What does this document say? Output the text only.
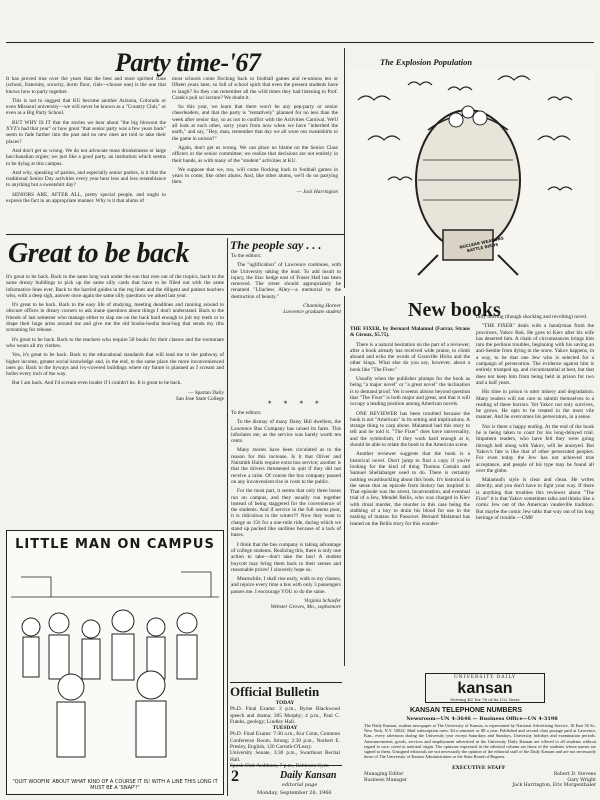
Party time-'67

It has proved true over the years that the best and most spirited class (school, fraternity, sorority, dorm floor, club—choose one) is the one that knows how to party together.

This is not to suggest that KU become another Arizona, Colorado or even Missouri university—we will never be known as a "Country Club," or even as a Big Party School.

BUT WHY IS IT that the stories we hear about "the big blowout the XYZ's had that year" or how great "that senior party was a few years back" seem to fade farther into the past and no new ones are told to take their places?

And don't get us wrong. We do not advocate mass drunkenness or large bacchanalian orgies; we just like a good party, an institution which seems to be dying at this campus.

And why, speaking of parties, and especially senior parties, is it that the traditional Senior Day activities every year bear less and less resemblance to anything but a sweatshirt day?

SENIORS ARE, AFTER ALL, pretty special people, and ought to express the fact in an appropriate manner. Why is it that alums of

most schools come flocking back to football games and re-unions ten or fifteen years later, so full of school spirit that even the present students have to laugh? So they can remember all the wild times they had listening to Prof. Crank's poli sci lecture? We doubt it.

So this year, we learn that there won't be any pep-party or senior cheerleaders, and that the party is "tentatively" planned for no less than the week after senior day, so as not to conflict with the Activities Carnival. We'll all look at each other, sorry years from now when we have "inherited the earth," and say, "Hey, man, remember that day we all wore our sweatshirts to the game in unison?"

Again, don't get us wrong. We can place no blame on the Senior Class officers or the senior committee; we realize that decisions are not entirely in their hands, as with many of the "student" activities at KU.

We suppose that we, too, will come flocking back to football games in years to come, like other alums. And, like other alums, we'll do no partying then.

— Jack Harrington
The Explosion Population
NUCLEAR WEAPONS BATTLE BIRDS
Great to be back

It's great to be back. Back to the same long wait under the sun that rose out of the tropics, back to the same dreary buildings to pick up the same silly cards that have to be filled out with the same informative lines ever. Back to the harried guides in the reg lines and the diligent and patient teachers who, with a deep sigh, answer once again the same silly questions we asked last year.

It's great to be back. Back to the easy life of studying, meeting deadlines and running around to obscure offices in dreary corners to ask inane questions about things I don't understand. Back to the friends of last semester who manage either to slap me on the back hard enough to jolt my teeth or to drape their huge arms around me and give me the old booba-hooba bear-hug that sends my ribs screaming for release.

It's great to be back. Back to the teachers who require 50 books for their classes and the roommate who wears all my clothes.

Yes, it's great to be back. Back to the educational standards that will lead me to the pathway of higher income, greater social knowledge and, in the end, to the same place the more inconvenienced ones go. Back to the byways and ivy-covered buildings where my future is planned as I scream and holler every inch of the way.

But I am back. And I'd scream even louder if I couldn't be. It is great to be back.

— Spartan Daily
San Jose State College
LITTLE MAN ON CAMPUS
"QUIT WOOFIN' ABOUT WHAT KIND OF A COURSE IT IS! WITH A LINE THIS LONG IT MUST BE A 'SNAP'!"
The people say . . .

To the editors:

The "uglification" of Lawrence continues, with the University taking the lead. To add insult to injury, the lilac hedge east of Fraser Hall has been removed. The street should appropriately be renamed "Lilacless Alley—a memorial to the destruction of beauty."

Channing Horner
Lawrence graduate student
* * * *

To the editors:

To the dismay of many Daisy Hill dwellers, the Lawrence Bus Company has raised its fares. This infuriates me, as the service was barely worth ten cents.

Many stories have been circulated as to the reason for this increase. Is it that Oliver and Naismith Halls require extra bus service; another is that the drivers threatened to quit if they did not receive a raise. Of course the bus company passed on any inconvenient rise in costs to the public.

For the most part, it seems that only three buses run on campus, and they usually run together instead of being staggered for the convenience of the students. And if service in the full seems poor, it is ridiculous in the winter!!! Now they want to charge us 15¢ for a one-mile ride, during which we stand up packed like sardines because of a lack of buses.

I think that the bus company is taking advantage of college students. Realizing this, there is only one action to take—don't take the bus! A student boycott may bring them back to their senses and reasonable prices! I sincerely hope so.

Meanwhile, I shall rise early, walk to my classes, and rejoice every time a bus with only 3 passengers passes me. I encourage YOU to do the same.

Virginia Schaefer
Webster Groves, Mo., sophomore
Official Bulletin
TODAY
Ph.D. Final Exams: 2 p.m., Byrne Blackwood speech and drama; 305 Murphy; 4 p.m., Paul C. Franks, geology; Lindley Hall.
TUESDAY
Ph.D. Final Exams: 7-30 a.m., Kur Conn, Common Conference Room, Strong; 2:30 p.m., Norbert E. Presley, English, 120 Carruth-O'Leary.
University Senate, 3:30 p.m., Swarthout Recital Hall.
2	Daily Kansan
editorial page
Monday, September 26, 1966
New books

THE FIXER, by Bernard Malamud (Farrar, Straus & Giroux, $5.75).

There is a natural hesitation on the part of a reviewer, after a book already has received wide praise, to climb aboard and echo the words of Granville Hicks and the other kings. What else do you say, however, about a book like "The Fixer."

Usually when the publisher plumps for the book as being "a major novel" or "a great novel" the inclination is to demand proof. Yet it seems almost beyond question that "The Fixer" is both major and great, and that it will occupy a leading position among American novels.

ONE REVIEWER has been troubled because the book is not "American" in its setting and implications. A strange thing to carp about. Malamud had this story to tell and he told it. "The Fixer" does have universality, and the symbolism, if they work hard enough at it, should be able to relate the book to the American scene.

Another reviewer suggests that the book is a historical novel. Don't jump to find a copy if you're looking for the kind of thing Thomas Costain and Samuel Shellabarger used to do. There is certainly nothing swashbuckling about this book. It's historical in the sense that an episode from history has inspired it. That episode was the arrest, incarceration, and eventual trial of a Jew, Mendel Beilis, who was charged in Kiev with ritual murder, the murder in this case being the stabbing of a boy to drain his blood for use in the making of matzos for Passover. Bernard Malamud has leaned on the Beilis story for this wonder-

fully moving (though shocking and revolting) novel.

"THE FIXER" deals with a handyman from the provinces, Yakov Bok. He goes to Kiev after his wife has deserted him. A chain of circumstances brings him into the perilous troubles, beginning with his saving an anti-Semite from dying in the snow. Yakov happens, in a way, to be that one Jew who is selected for a campaign of persecution. The evidence against him is entirely trumped up, and circumstantial at best, but that does not keep him from being held in prison for two and a half years.

His time in prison is utter misery and degradation. Many readers will not care to submit themselves to a reading of these horrors. Yet Yakov not only survives, he grows. He opts to be treated in the most vile manner. And he overcomes his persecutors, in a sense.

Nor is there a happy ending. At the end of the book he is being taken to court for his long-delayed trial. Impatient readers, who have felt they were going through hell along with Yakov, will be annoyed. But Yakov's fate is like that of other persecuted peoples. For even today the Jew has not achieved true acceptance, and people of his type may be found all over the globe.

Malamud's style is clear and clean. He writes directly, and you don't have to fight your way. If there is anything that troubles this reviewer about "The Fixer" it is that Yakov sometimes talks and thinks like a comic Jew out of the American vaudeville tradition. But maybe the comic Jew talks that way out of his long heritage of trouble.—CMP

UNIVERSITY DAILY
kansan
Serving KU for 76 of its 102 Years
KANSAN TELEPHONE NUMBERS
Newsroom—UN 4-3646 — Business Office—UN 4-3198

The Daily Kansan, student newspaper at The University of Kansas, is represented by National Advertising Service, 18 East 50 St., New York, N.Y. 10022. Mail subscription rates: $4 a semester or $8 a year. Published and second class postage paid at Lawrence, Kan., every afternoon during the University year except Saturdays and Sundays, University holidays and examination periods. Announcements, goods, services and employment advertised in the University Daily Kansan are offered to all students without regard to race, creed or national origin. The opinions expressed in the editorial column are those of the students whose names are signed to them. Unsigned editorials are not necessarily the opinion of the editorial staff of the Daily Kansan and are not necessarily those of The University of Kansas Administration or the State Board of Regents.

EXECUTIVE STAFF
Managing Editor
Business Manager
Robert D. Stevens
Gary Wright
Jack Harrington, Eric Morgenthaler
